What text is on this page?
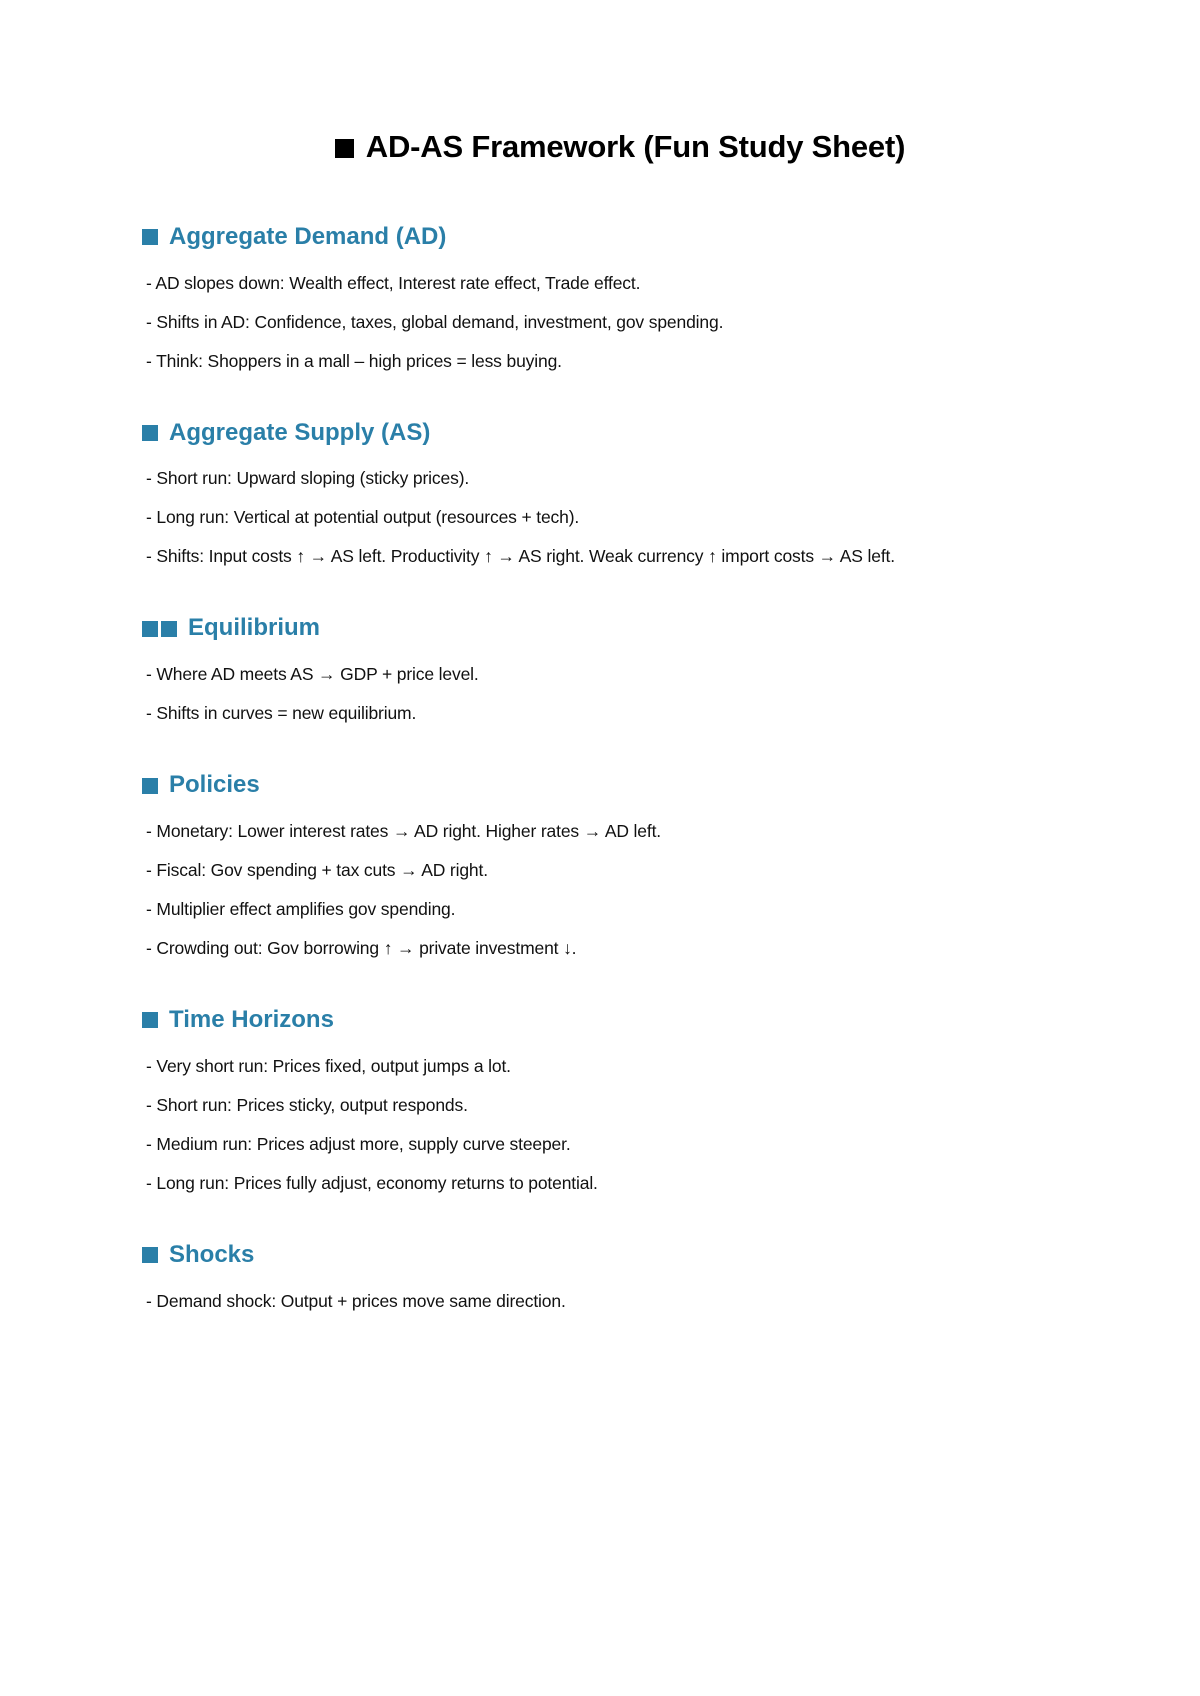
AD-AS Framework (Fun Study Sheet)
Aggregate Demand (AD)
- AD slopes down: Wealth effect, Interest rate effect, Trade effect.
- Shifts in AD: Confidence, taxes, global demand, investment, gov spending.
- Think: Shoppers in a mall – high prices = less buying.
Aggregate Supply (AS)
- Short run: Upward sloping (sticky prices).
- Long run: Vertical at potential output (resources + tech).
- Shifts: Input costs ↑ → AS left. Productivity ↑ → AS right. Weak currency ↑ import costs → AS left.
Equilibrium
- Where AD meets AS → GDP + price level.
- Shifts in curves = new equilibrium.
Policies
- Monetary: Lower interest rates → AD right. Higher rates → AD left.
- Fiscal: Gov spending + tax cuts → AD right.
- Multiplier effect amplifies gov spending.
- Crowding out: Gov borrowing ↑ → private investment ↓.
Time Horizons
- Very short run: Prices fixed, output jumps a lot.
- Short run: Prices sticky, output responds.
- Medium run: Prices adjust more, supply curve steeper.
- Long run: Prices fully adjust, economy returns to potential.
Shocks
- Demand shock: Output + prices move same direction.
